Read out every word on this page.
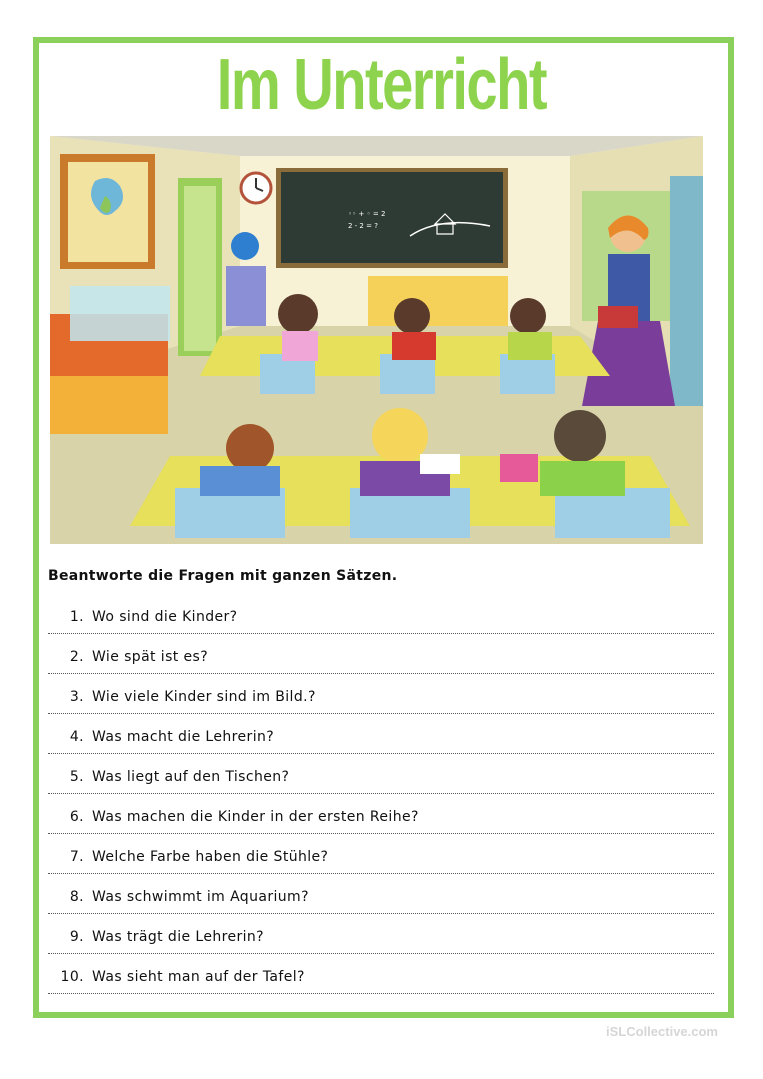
Im Unterricht
◦◦ + ◦ = 2
2 - 2 = ?
Beantworte die Fragen mit ganzen Sätzen.
1. Wo sind die Kinder?
2. Wie spät ist es?
3. Wie viele Kinder sind im Bild.?
4. Was macht die Lehrerin?
5. Was liegt auf den Tischen?
6. Was machen die Kinder in der ersten Reihe?
7. Welche Farbe haben die Stühle?
8. Was schwimmt im Aquarium?
9. Was trägt die Lehrerin?
10. Was sieht man auf der Tafel?
iSLCollective.com
